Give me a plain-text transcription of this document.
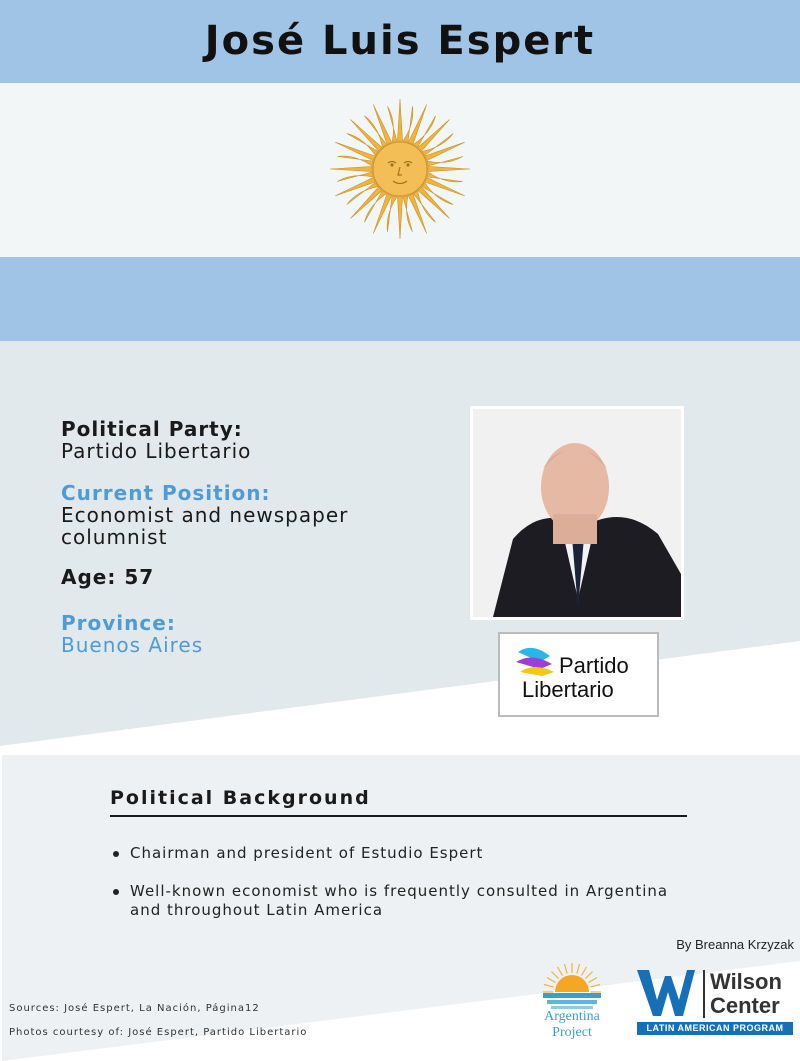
José Luis Espert
Political Party:
Partido Libertario
Current Position:
Economist and newspaper columnist
Age: 57
Province:
Buenos Aires
Partido
Libertario
Political Background
Chairman and president of Estudio Espert
Well-known economist who is frequently consulted in Argentina and throughout Latin America
By Breanna Krzyzak
Sources: José Espert, La Nación, Página12
Photos courtesy of: José Espert, Partido Libertario
Argentina
Project
Wilson
Center
LATIN AMERICAN PROGRAM
